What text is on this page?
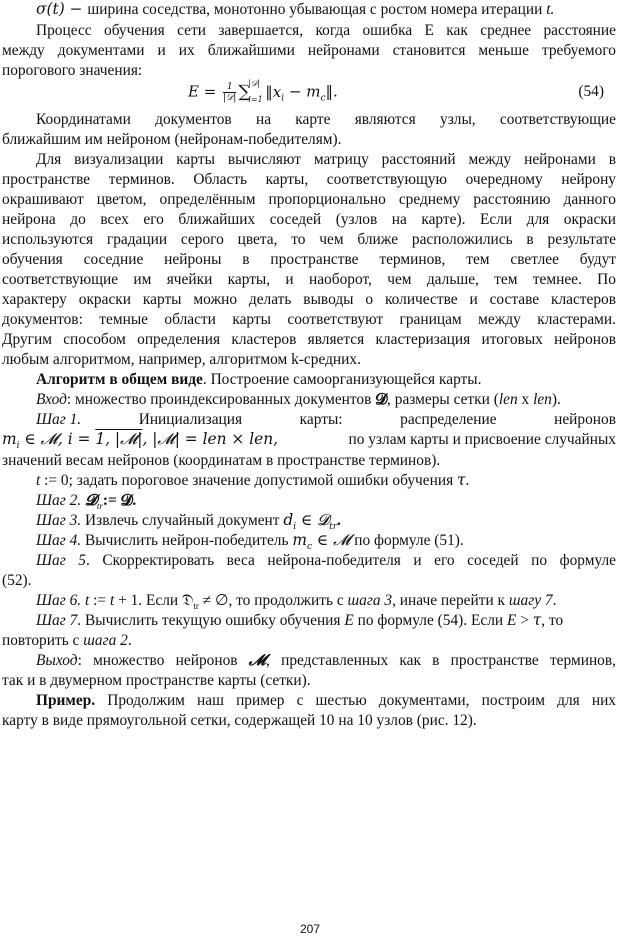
σ(t) − ширина соседства, монотонно убывающая с ростом номера итерации t.
Процесс обучения сети завершается, когда ошибка E как среднее расстояние
между документами и их ближайшими нейронами становится меньше требуемого
порогового значения:
$E = \frac{1}{\text{|𝒟|}}$ ∑
|𝒟|
i=1 $‖x_i$ − $m_c‖$.	(54)
Координатами документов на карте являются узлы, соответствующие
ближайшим им нейроном (нейронам-победителям).
Для визуализации карты вычисляют матрицу расстояний между нейронами в
пространстве терминов. Область карты, соответствующую очередному нейрону
окрашивают цветом, определённым пропорционально среднему расстоянию данного
нейрона до всех его ближайших соседей (узлов на карте). Если для окраски
используются градации серого цвета, то чем ближе расположились в результате
обучения соседние нейроны в пространстве терминов, тем светлее будут
соответствующие им ячейки карты, и наоборот, чем дальше, тем темнее. По
характеру окраски карты можно делать выводы о количестве и составе кластеров
документов: темные области карты соответствуют границам между кластерами.
Другим способом определения кластеров является кластеризация итоговых нейронов
любым алгоритмом, например, алгоритмом k-средних.
Алгоритм в общем виде. Построение самоорганизующейся карты.
Вход: множество проиндексированных документов 𝓓, размеры сетки (len x len).
Шаг 1.	Инициализация	карты:	распределение	нейронов
$m_i$ ∈ 𝓜, i = 1, |𝓜|, |𝓜| = len × len,	по узлам карты и присвоение случайных
значений весам нейронов (координатам в пространстве терминов).
t := 0; задать пороговое значение допустимой ошибки обучения τ.
Шаг 2. 𝓓$_{tr}$:= 𝓓.
Шаг 3. Извлечь случайный документ $d_i$ ∈ 𝓓$_{tr}$.
Шаг 4. Вычислить нейрон-победитель $m_c$ ∈ 𝓜 по формуле (51).
Шаг 5. Скорректировать веса нейрона-победителя и его соседей по формуле
(52).
Шаг 6. t := t + 1. Если 𝔇$_{tr}$ ≠ ∅, то продолжить с шага 3, иначе перейти к шагу 7.
Шаг 7. Вычислить текущую ошибку обучения E по формуле (54). Если E > τ, то
повторить с шага 2.
Выход: множество нейронов 𝓜, представленных как в пространстве терминов,
так и в двумерном пространстве карты (сетки).
Пример. Продолжим наш пример с шестью документами, построим для них
карту в виде прямоугольной сетки, содержащей 10 на 10 узлов (рис. 12).
207
